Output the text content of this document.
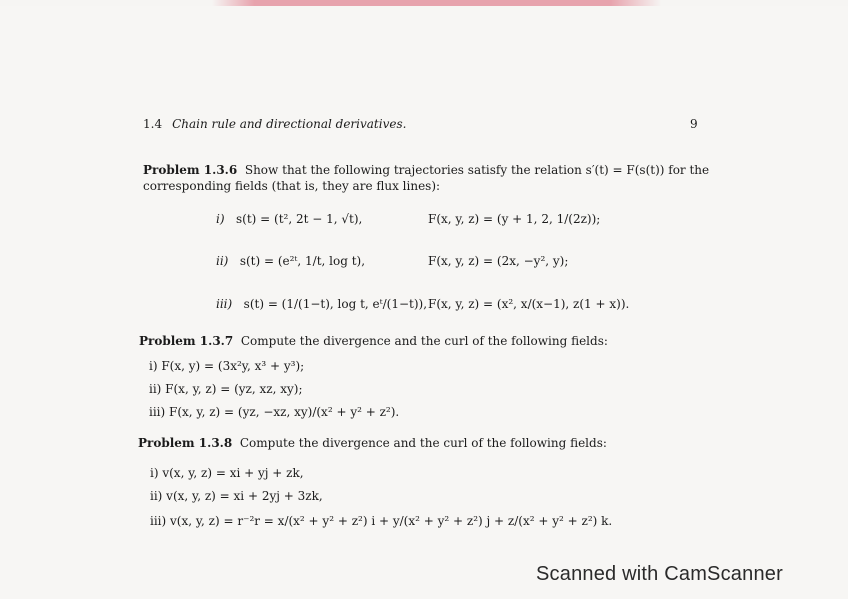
1.4 Chain rule and directional derivatives.	9
Problem 1.3.6 Show that the following trajectories satisfy the relation s′(t) = F(s(t)) for the
corresponding fields (that is, they are flux lines):
i) s(t) = (t², 2t − 1, √t),	F(x, y, z) = (y + 1, 2, 1/(2z));
ii) s(t) = (e²ᵗ, 1/t, log t),	F(x, y, z) = (2x, −y², y);
iii) s(t) = (1/(1−t), log t, eᵗ/(1−t)), F(x, y, z) = (x², x/(x−1), z(1 + x)).
Problem 1.3.7 Compute the divergence and the curl of the following fields:
i) F(x, y) = (3x²y, x³ + y³);
ii) F(x, y, z) = (yz, xz, xy);
iii) F(x, y, z) = (yz, −xz, xy)/(x² + y² + z²).
Problem 1.3.8 Compute the divergence and the curl of the following fields:
i) v(x, y, z) = xi + yj + zk,
ii) v(x, y, z) = xi + 2yj + 3zk,
iii) v(x, y, z) = r⁻²r = x/(x² + y² + z²) i + y/(x² + y² + z²) j + z/(x² + y² + z²) k.
Scanned with CamScanner
